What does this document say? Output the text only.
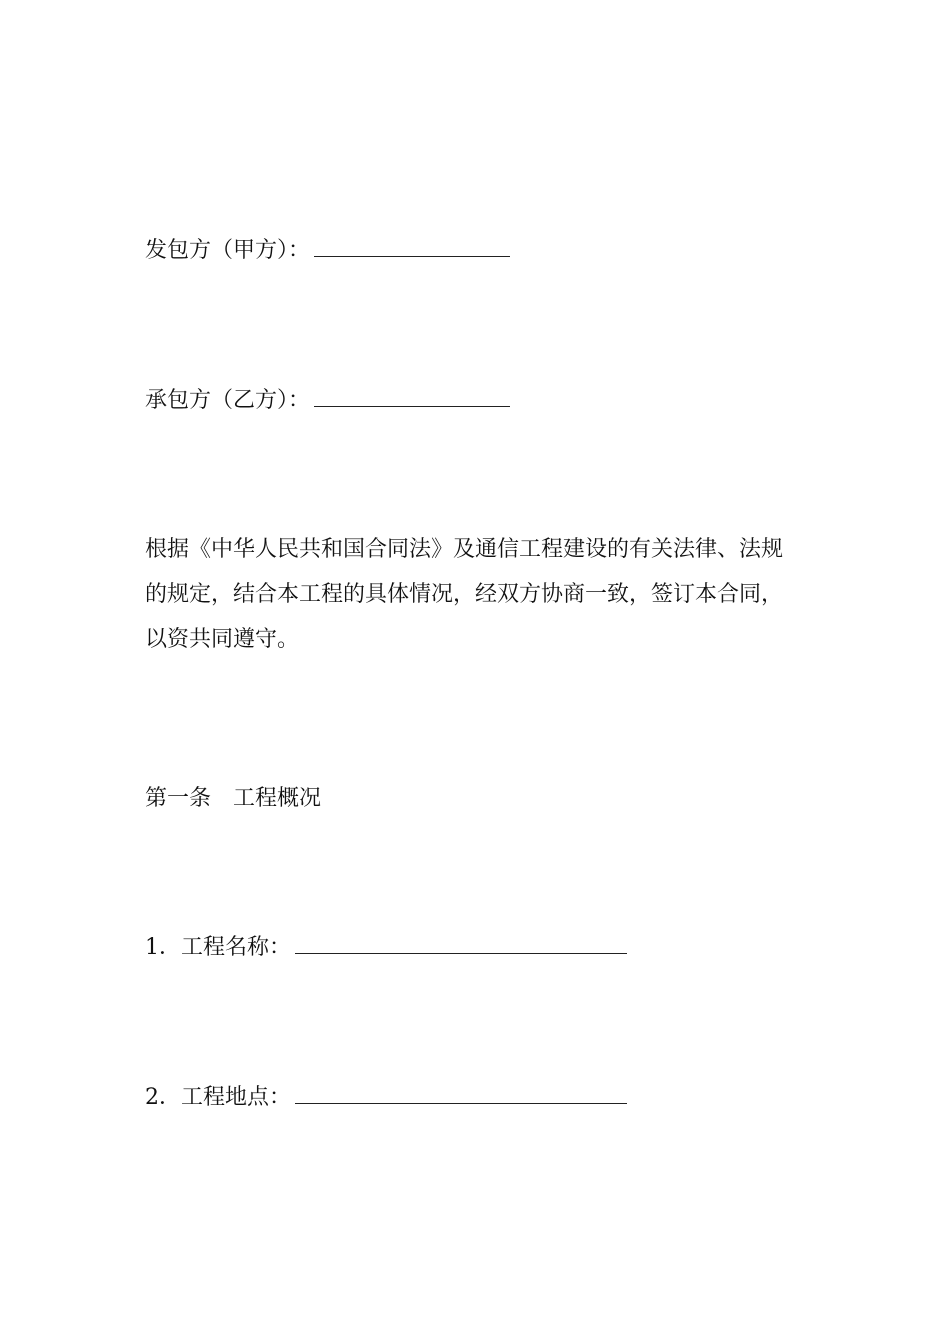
发包方（甲方）：
承包方（乙方）：
根据《中华人民共和国合同法》及通信工程建设的有关法律、法规
的规定，结合本工程的具体情况，经双方协商一致，签订本合同，
以资共同遵守。
第一条　工程概况
1．工程名称：
2．工程地点：
